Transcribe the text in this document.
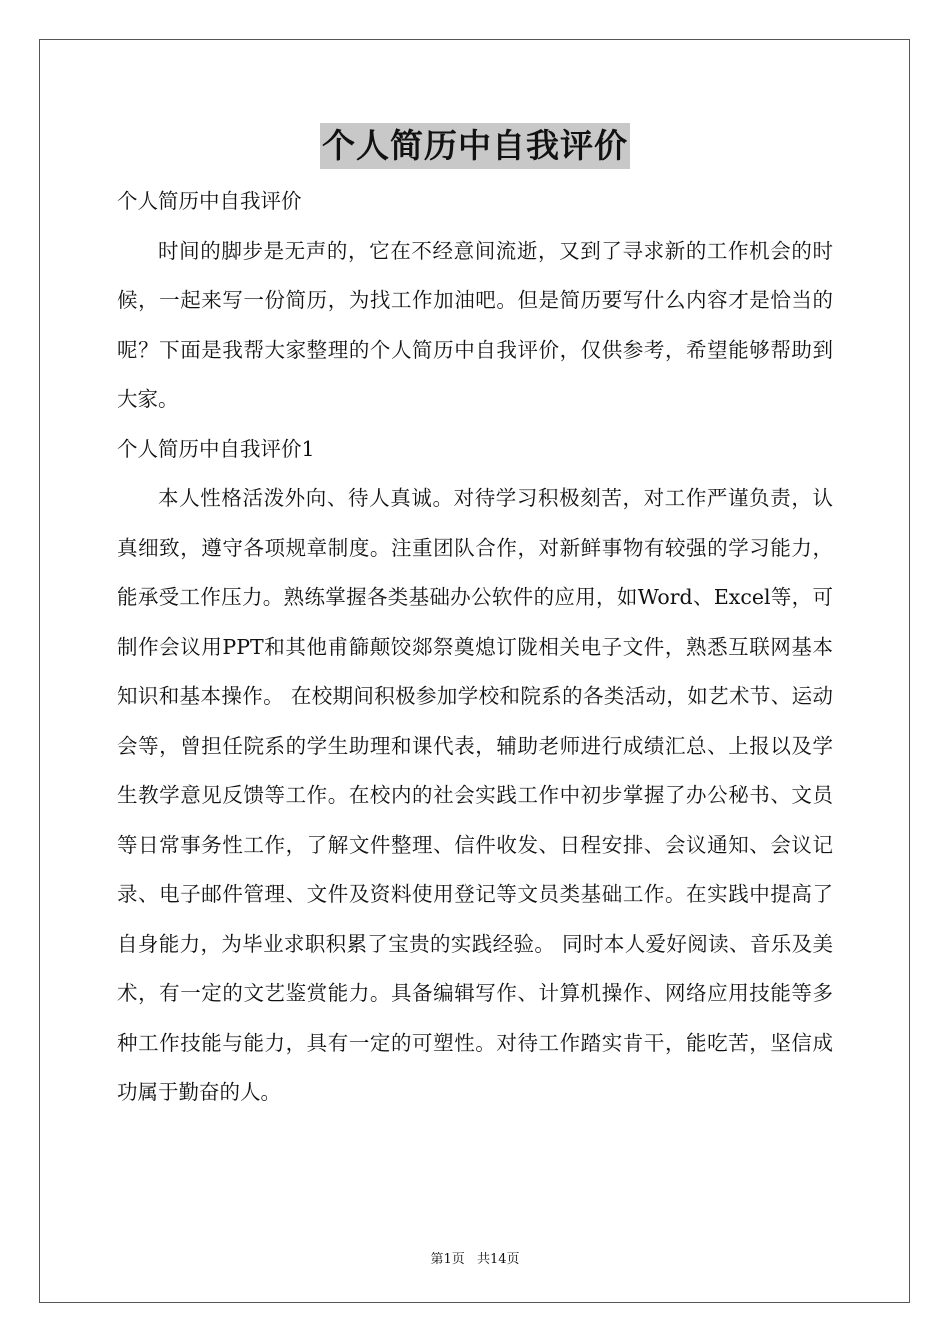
个人简历中自我评价

个人简历中自我评价

时间的脚步是无声的，它在不经意间流逝，又到了寻求新的工作机会的时候，一起来写一份简历，为找工作加油吧。但是简历要写什么内容才是恰当的呢？下面是我帮大家整理的个人简历中自我评价，仅供参考，希望能够帮助到大家。

个人简历中自我评价1

本人性格活泼外向、待人真诚。对待学习积极刻苦，对工作严谨负责，认真细致，遵守各项规章制度。注重团队合作，对新鲜事物有较强的学习能力，能承受工作压力。熟练掌握各类基础办公软件的应用，如Word、Excel等，可制作会议用PPT和其他甫篩颠饺郯祭奠熄订陇相关电子文件，熟悉互联网基本知识和基本操作。 在校期间积极参加学校和院系的各类活动，如艺术节、运动会等，曾担任院系的学生助理和课代表，辅助老师进行成绩汇总、上报以及学生教学意见反馈等工作。在校内的社会实践工作中初步掌握了办公秘书、文员等日常事务性工作，了解文件整理、信件收发、日程安排、会议通知、会议记录、电子邮件管理、文件及资料使用登记等文员类基础工作。在实践中提高了自身能力，为毕业求职积累了宝贵的实践经验。 同时本人爱好阅读、音乐及美术，有一定的文艺鉴赏能力。具备编辑写作、计算机操作、网络应用技能等多种工作技能与能力，具有一定的可塑性。对待工作踏实肯干，能吃苦，坚信成功属于勤奋的人。

第1页 共14页
